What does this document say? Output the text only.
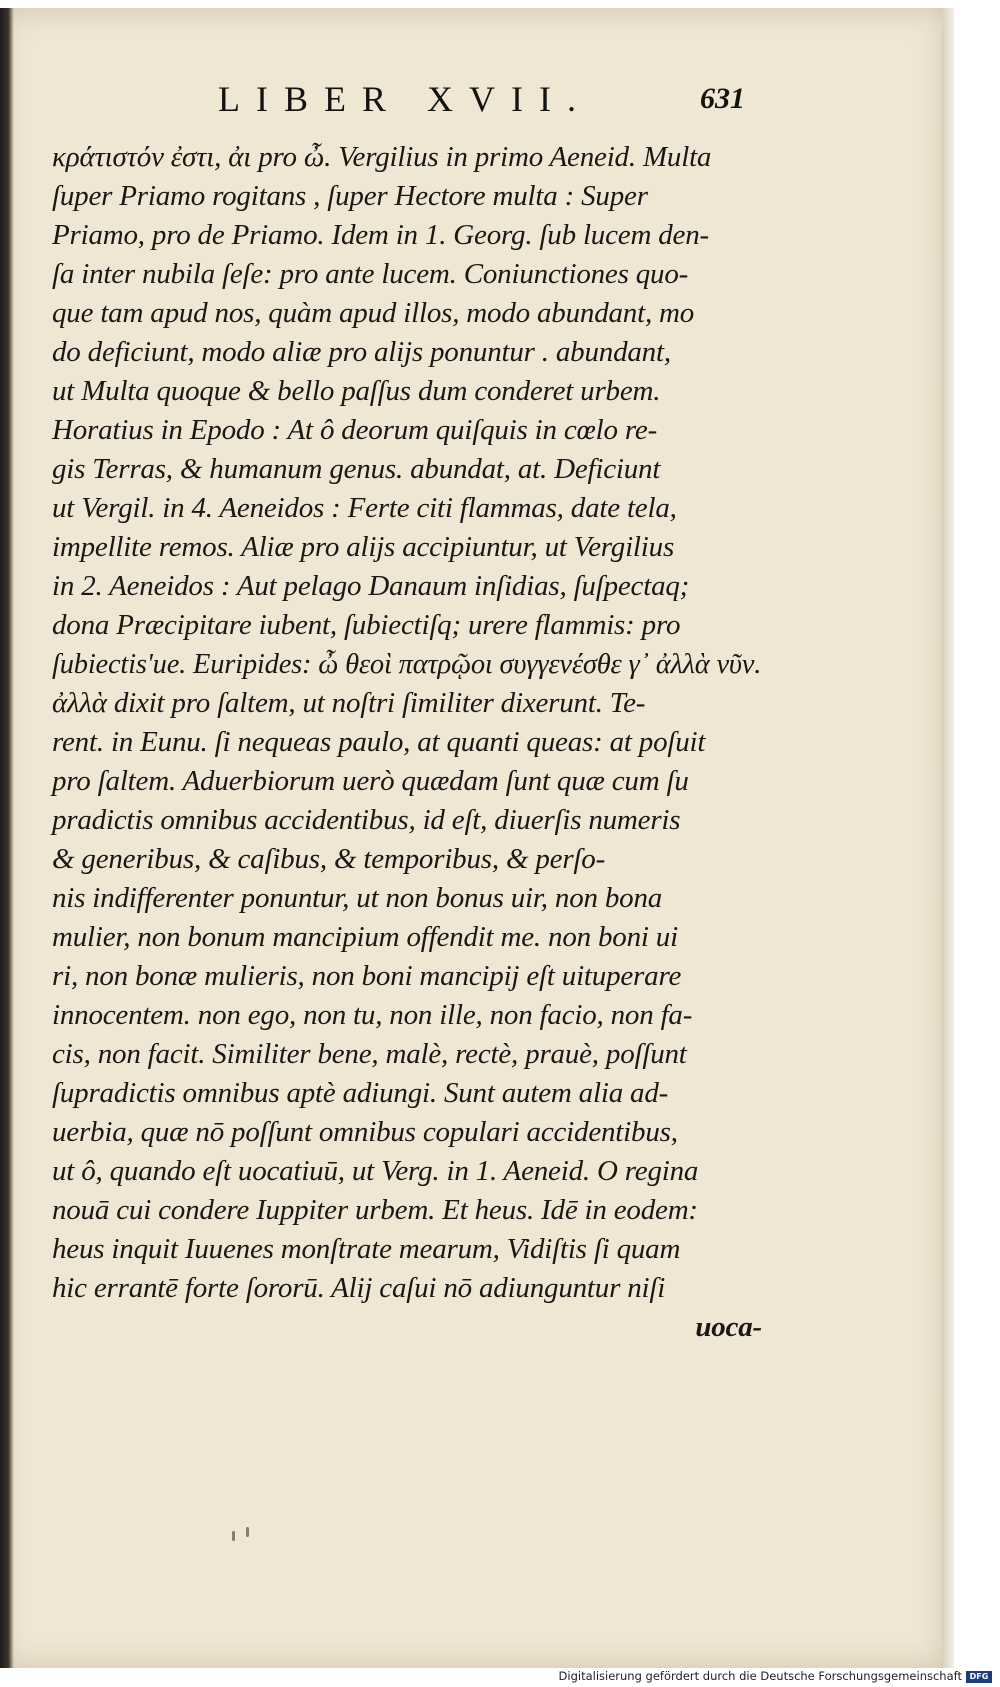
LIBER XVII.	631
κράτιστόν ἐστι, ἀι pro ὦ. Vergilius in primo Aeneid. Multa
ſuper Priamo rogitans , ſuper Hectore multa : Super
Priamo, pro de Priamo. Idem in 1. Georg. ſub lucem den-
ſa inter nubila ſeſe: pro ante lucem. Coniunctiones quo-
que tam apud nos, quàm apud illos, modo abundant, mo
do deficiunt, modo aliæ pro alijs ponuntur . abundant,
ut Multa quoque & bello paſſus dum conderet urbem.
Horatius in Epodo : At ô deorum quiſquis in cœlo re-
gis Terras, & humanum genus. abundat, at. Deficiunt
ut Vergil. in 4. Aeneidos : Ferte citi flammas, date tela,
impellite remos. Aliæ pro alijs accipiuntur, ut Vergilius
in 2. Aeneidos : Aut pelago Danaum inſidias, ſuſpectaq;
dona Præcipitare iubent, ſubiectiſq; urere flammis: pro
ſubiectis'ue. Euripides: ὦ θεοὶ πατρῷοι συγγενέσθε γ᾽ ἀλλὰ νῦν.
ἀλλὰ dixit pro ſaltem, ut noſtri ſimiliter dixerunt. Te-
rent. in Eunu. ſi nequeas paulo, at quanti queas: at poſuit
pro ſaltem. Aduerbiorum uerò quædam ſunt quæ cum ſu
pradictis omnibus accidentibus, id eſt, diuerſis numeris
& generibus, & caſibus, & temporibus, & perſo-
nis indifferenter ponuntur, ut non bonus uir, non bona
mulier, non bonum mancipium offendit me. non boni ui
ri, non bonæ mulieris, non boni mancipij eſt uituperare
innocentem. non ego, non tu, non ille, non facio, non fa-
cis, non facit. Similiter bene, malè, rectè, prauè, poſſunt
ſupradictis omnibus aptè adiungi. Sunt autem alia ad-
uerbia, quæ nō poſſunt omnibus copulari accidentibus,
ut ô, quando eſt uocatiuū, ut Verg. in 1. Aeneid. O regina
nouā cui condere Iuppiter urbem. Et heus. Idē in eodem:
heus inquit Iuuenes monſtrate mearum, Vidiſtis ſi quam
hic errantē forte ſororū. Alij caſui nō adiunguntur niſi
uoca-
Digitalisierung gefördert durch die Deutsche Forschungsgemeinschaft DFG
